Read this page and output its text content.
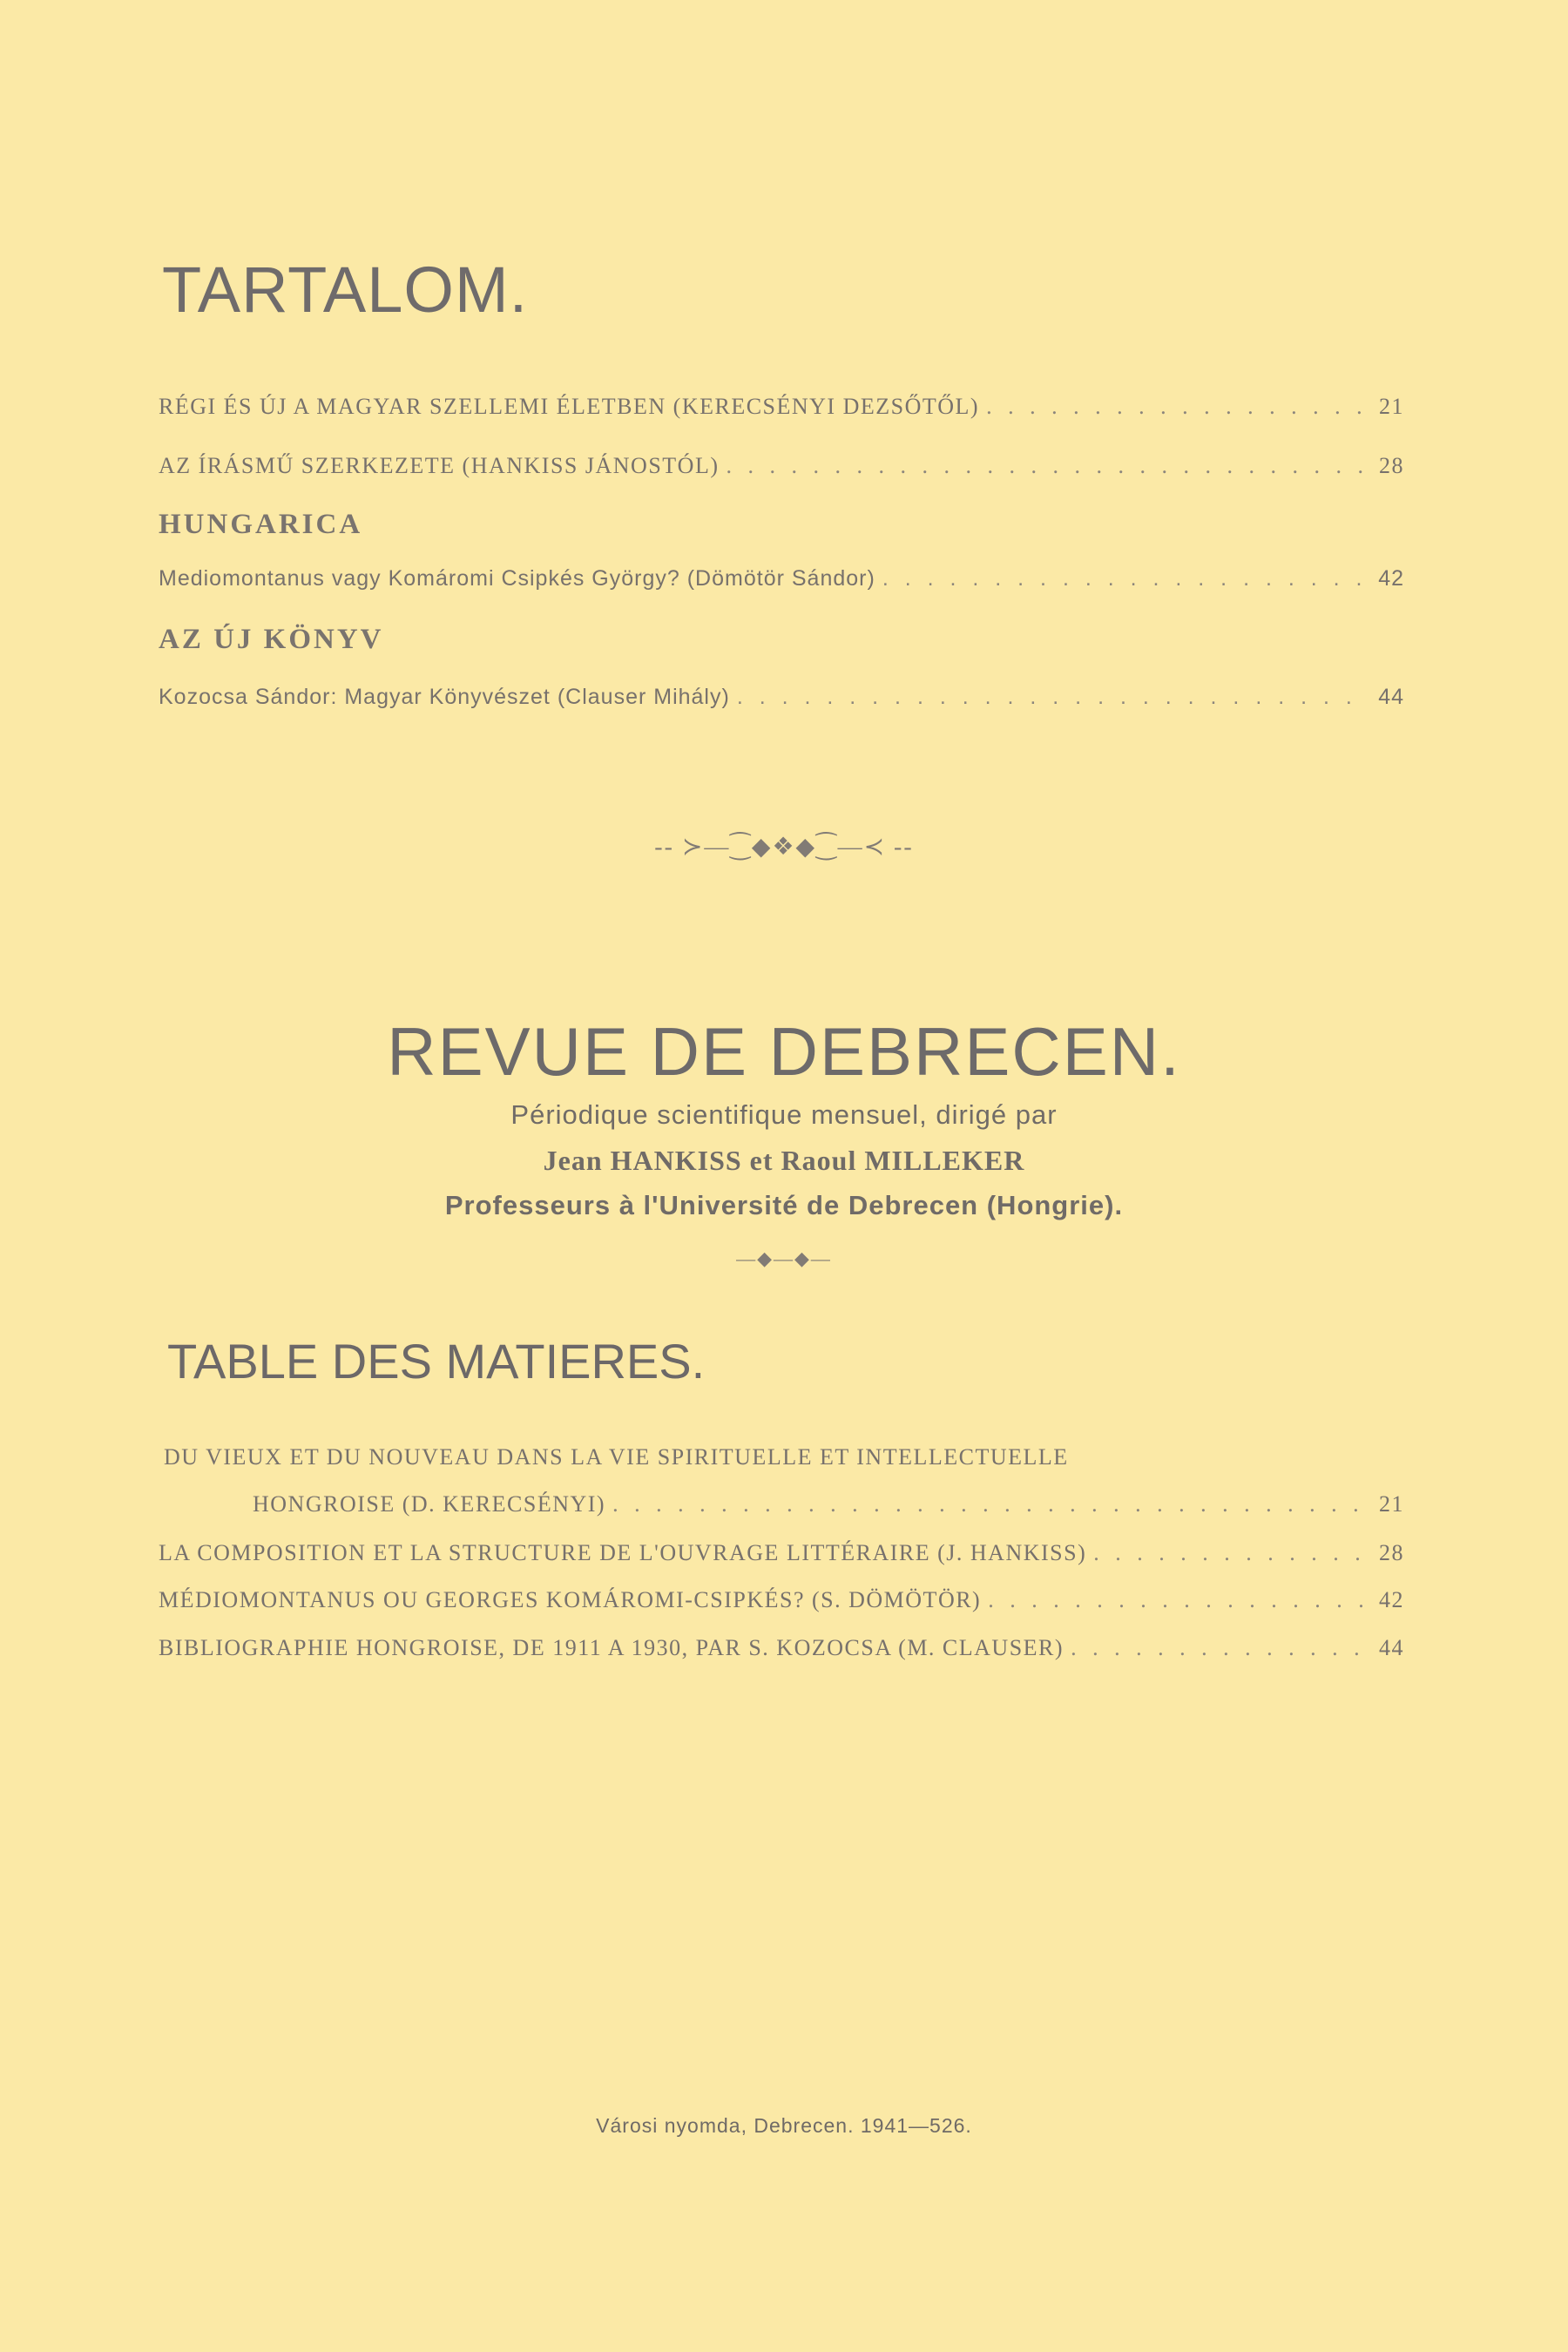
TARTALOM.
RÉGI ÉS ÚJ A MAGYAR SZELLEMI ÉLETBEN (KERECSÉNYI DEZSŐTŐL) . . .	21
AZ ÍRÁSMŰ SZERKEZETE (HANKISS JÁNOSTÓL) . . .	28
HUNGARICA
Mediomontanus vagy Komáromi Csipkés György? (Dömötör Sándor) . . .	42
AZ ÚJ KÖNYV
Kozocsa Sándor: Magyar Könyvészet (Clauser Mihály) . . .	44
-- ≻—⁐◆❖◆⁐—≺ --
REVUE DE DEBRECEN.
Périodique scientifique mensuel, dirigé par
Jean HANKISS et Raoul MILLEKER
Professeurs à l'Université de Debrecen (Hongrie).
—◆—◆—
TABLE DES MATIERES.
DU VIEUX ET DU NOUVEAU DANS LA VIE SPIRITUELLE ET INTELLECTUELLE
HONGROISE (D. KERECSÉNYI) . . .	21
LA COMPOSITION ET LA STRUCTURE DE L'OUVRAGE LITTÉRAIRE (J. HANKISS) . . .	28
MÉDIOMONTANUS OU GEORGES KOMÁROMI-CSIPKÉS? (S. DÖMÖTÖR) . . .	42
BIBLIOGRAPHIE HONGROISE, DE 1911 A 1930, PAR S. KOZOCSA (M. CLAUSER) . . .	44
Városi nyomda, Debrecen. 1941—526.
